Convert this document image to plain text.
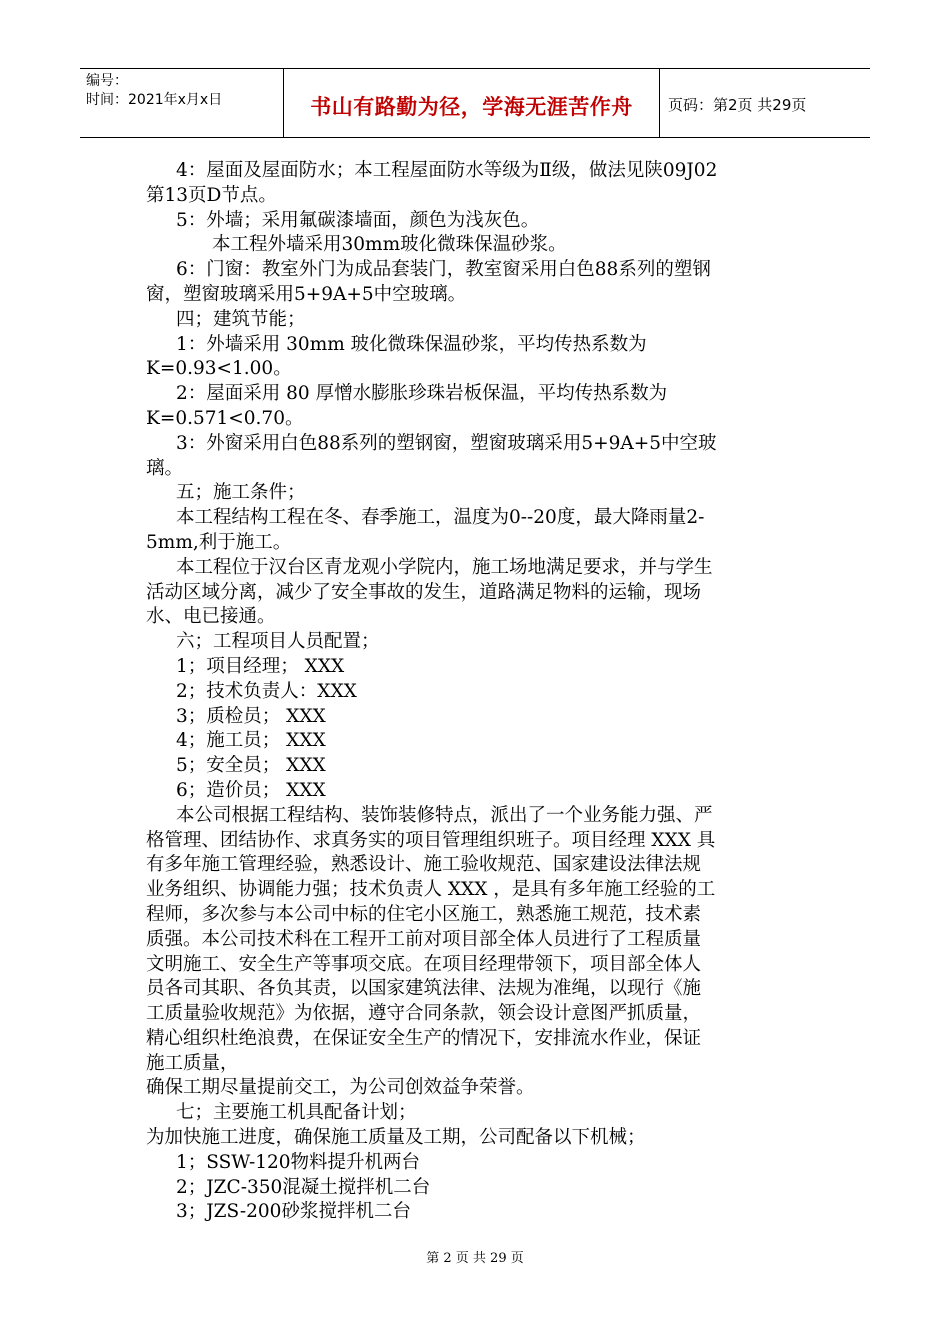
编号：
时间：2021年x月x日	书山有路勤为径，学海无涯苦作舟	页码：第2页 共29页
4：屋面及屋面防水；本工程屋面防水等级为Ⅱ级，做法见陕09J02
第13页D节点。
5：外墙；采用氟碳漆墙面，颜色为浅灰色。
本工程外墙采用30mm玻化微珠保温砂浆。
6：门窗：教室外门为成品套装门，教室窗采用白色88系列的塑钢
窗，塑窗玻璃采用5+9A+5中空玻璃。
四；建筑节能；
1：外墙采用 30mm 玻化微珠保温砂浆，平均传热系数为
K=0.93<1.00。
2：屋面采用 80 厚憎水膨胀珍珠岩板保温，平均传热系数为
K=0.571<0.70。
3：外窗采用白色88系列的塑钢窗，塑窗玻璃采用5+9A+5中空玻
璃。
五；施工条件；
本工程结构工程在冬、春季施工，温度为0--20度，最大降雨量2-
5mm,利于施工。
本工程位于汉台区青龙观小学院内，施工场地满足要求，并与学生
活动区域分离，减少了安全事故的发生，道路满足物料的运输，现场
水、电已接通。
六；工程项目人员配置；
1；项目经理； XXX
2；技术负责人：XXX
3；质检员； XXX
4；施工员； XXX
5；安全员； XXX
6；造价员； XXX
本公司根据工程结构、装饰装修特点，派出了一个业务能力强、严
格管理、团结协作、求真务实的项目管理组织班子。项目经理 XXX 具
有多年施工管理经验，熟悉设计、施工验收规范、国家建设法律法规
业务组织、协调能力强；技术负责人 XXX ，是具有多年施工经验的工
程师，多次参与本公司中标的住宅小区施工，熟悉施工规范，技术素
质强。本公司技术科在工程开工前对项目部全体人员进行了工程质量
文明施工、安全生产等事项交底。在项目经理带领下，项目部全体人
员各司其职、各负其责，以国家建筑法律、法规为准绳，以现行《施
工质量验收规范》为依据，遵守合同条款，领会设计意图严抓质量，
精心组织杜绝浪费，在保证安全生产的情况下，安排流水作业，保证
施工质量，
确保工期尽量提前交工，为公司创效益争荣誉。
七；主要施工机具配备计划；
为加快施工进度，确保施工质量及工期，公司配备以下机械；
1；SSW-120物料提升机两台
2；JZC-350混凝土搅拌机二台
3；JZS-200砂浆搅拌机二台
第 2 页 共 29 页
